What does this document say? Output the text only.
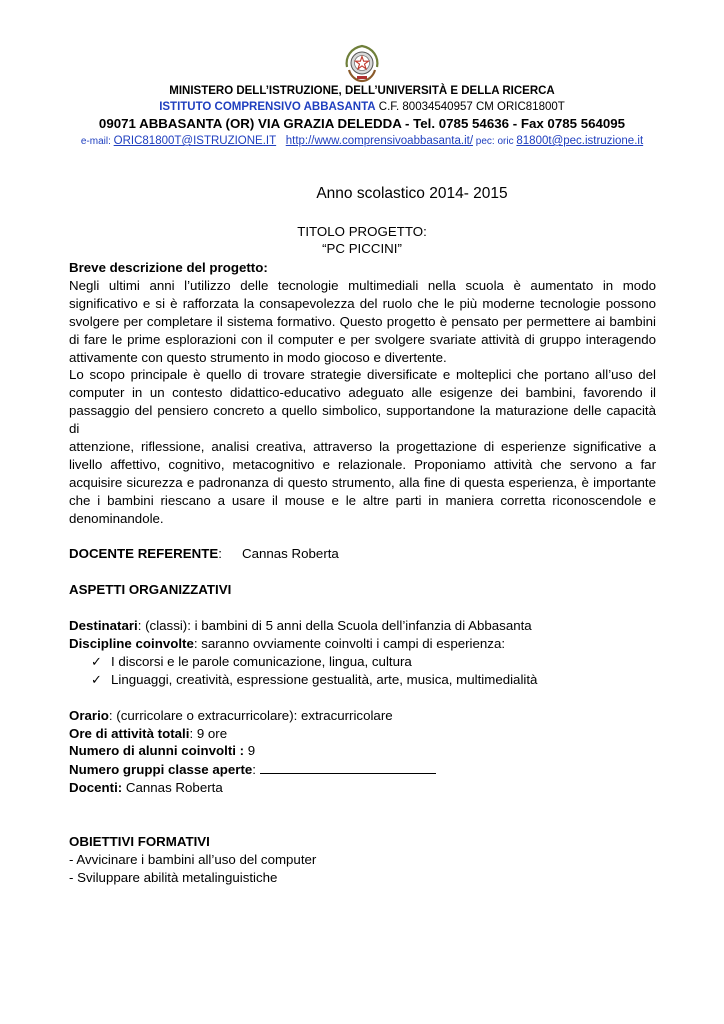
MINISTERO DELL’ISTRUZIONE, DELL’UNIVERSITÀ E DELLA RICERCA
ISTITUTO COMPRENSIVO ABBASANTA C.F. 80034540957 CM ORIC81800T
09071 ABBASANTA (OR) VIA GRAZIA DELEDDA - Tel. 0785 54636 - Fax 0785 564095
e-mail: ORIC81800T@ISTRUZIONE.IT http://www.comprensivoabbasanta.it/ pec: oric 81800t@pec.istruzione.it
Anno scolastico 2014- 2015
TITOLO PROGETTO:
“PC PICCINI”

Breve descrizione del progetto:

Negli ultimi anni l’utilizzo delle tecnologie multimediali nella scuola è aumentato in modo significativo e si è rafforzata la consapevolezza del ruolo che le più moderne tecnologie possono svolgere per completare il sistema formativo. Questo progetto è pensato per permettere ai bambini di fare le prime esplorazioni con il computer e per svolgere svariate attività di gruppo interagendo attivamente con questo strumento in modo giocoso e divertente.

Lo scopo principale è quello di trovare strategie diversificate e molteplici che portano all’uso del computer in un contesto didattico-educativo adeguato alle esigenze dei bambini, favorendo il passaggio del pensiero concreto a quello simbolico, supportandone la maturazione delle capacità

di

attenzione, riflessione, analisi creativa, attraverso la progettazione di esperienze significative a livello affettivo, cognitivo, metacognitivo e relazionale. Proponiamo attività che servono a far acquisire sicurezza e padronanza di questo strumento, alla fine di questa esperienza, è importante che i bambini riescano a usare il mouse e le altre parti in maniera corretta riconoscendole e denominandole.

DOCENTE REFERENTE:	Cannas Roberta

ASPETTI ORGANIZZATIVI

Destinatari: (classi): i bambini di 5 anni della Scuola dell’infanzia di Abbasanta

Discipline coinvolte: saranno ovviamente coinvolti i campi di esperienza:

✓ I discorsi e le parole comunicazione, lingua, cultura
✓ Linguaggi, creatività, espressione gestualità, arte, musica, multimedialità

Orario: (curricolare o extracurricolare): extracurricolare

Ore di attività totali: 9 ore

Numero di alunni coinvolti : 9

Numero gruppi classe aperte:

Docenti: Cannas Roberta

OBIETTIVI FORMATIVI

- Avvicinare i bambini all’uso del computer

- Sviluppare abilità metalinguistiche
